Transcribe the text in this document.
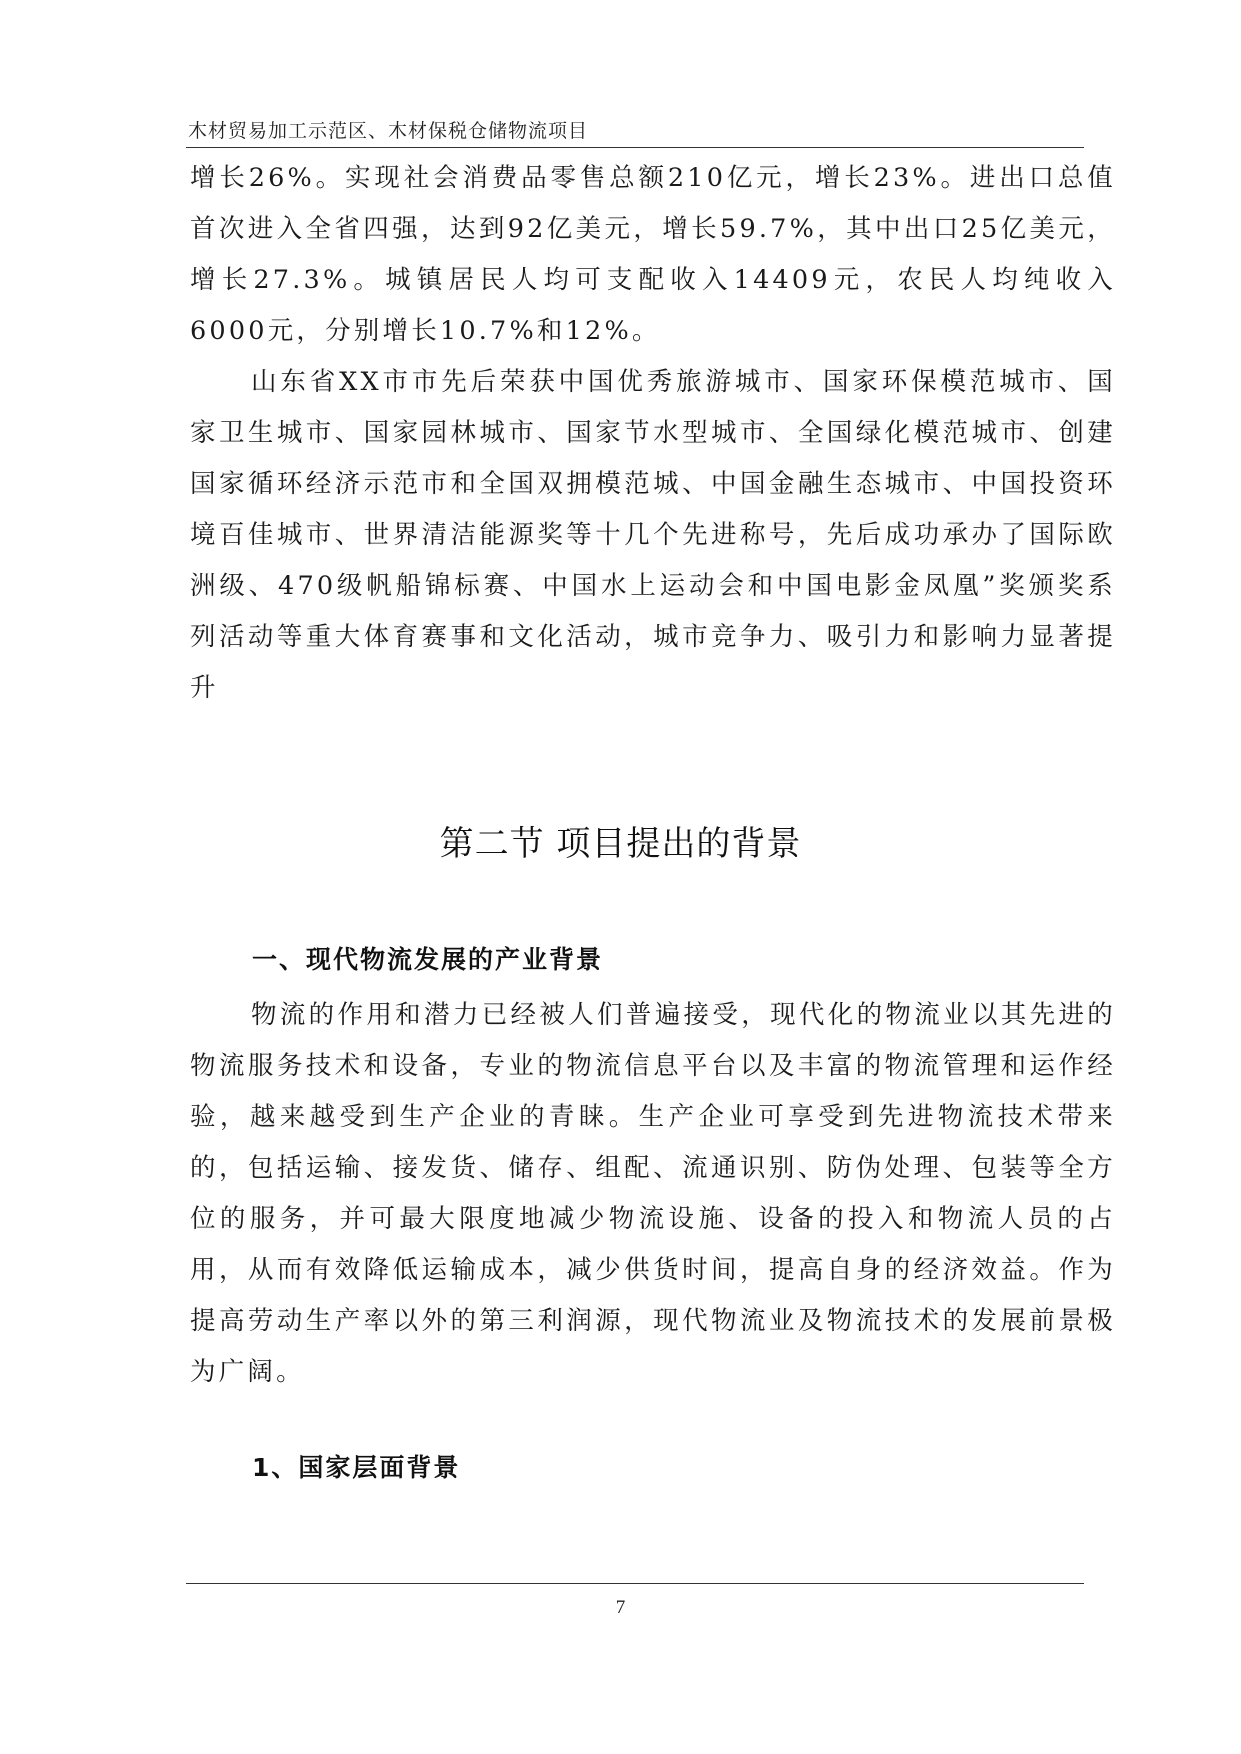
木材贸易加工示范区、木材保税仓储物流项目

增长26%。实现社会消费品零售总额210亿元，增长23%。进出口总值首次进入全省四强，达到92亿美元，增长59.7%，其中出口25亿美元，增长27.3%。城镇居民人均可支配收入14409元，农民人均纯收入6000元，分别增长10.7%和12%。

山东省XX市市先后荣获中国优秀旅游城市、国家环保模范城市、国家卫生城市、国家园林城市、国家节水型城市、全国绿化模范城市、创建国家循环经济示范市和全国双拥模范城、中国金融生态城市、中国投资环境百佳城市、世界清洁能源奖等十几个先进称号，先后成功承办了国际欧洲级、470级帆船锦标赛、中国水上运动会和中国电影金凤凰”奖颁奖系列活动等重大体育赛事和文化活动，城市竞争力、吸引力和影响力显著提升

第二节 项目提出的背景
一、现代物流发展的产业背景

物流的作用和潜力已经被人们普遍接受，现代化的物流业以其先进的物流服务技术和设备，专业的物流信息平台以及丰富的物流管理和运作经验，越来越受到生产企业的青睐。生产企业可享受到先进物流技术带来的，包括运输、接发货、储存、组配、流通识别、防伪处理、包装等全方位的服务，并可最大限度地减少物流设施、设备的投入和物流人员的占用，从而有效降低运输成本，减少供货时间，提高自身的经济效益。作为提高劳动生产率以外的第三利润源，现代物流业及物流技术的发展前景极为广阔。

1、国家层面背景
7
